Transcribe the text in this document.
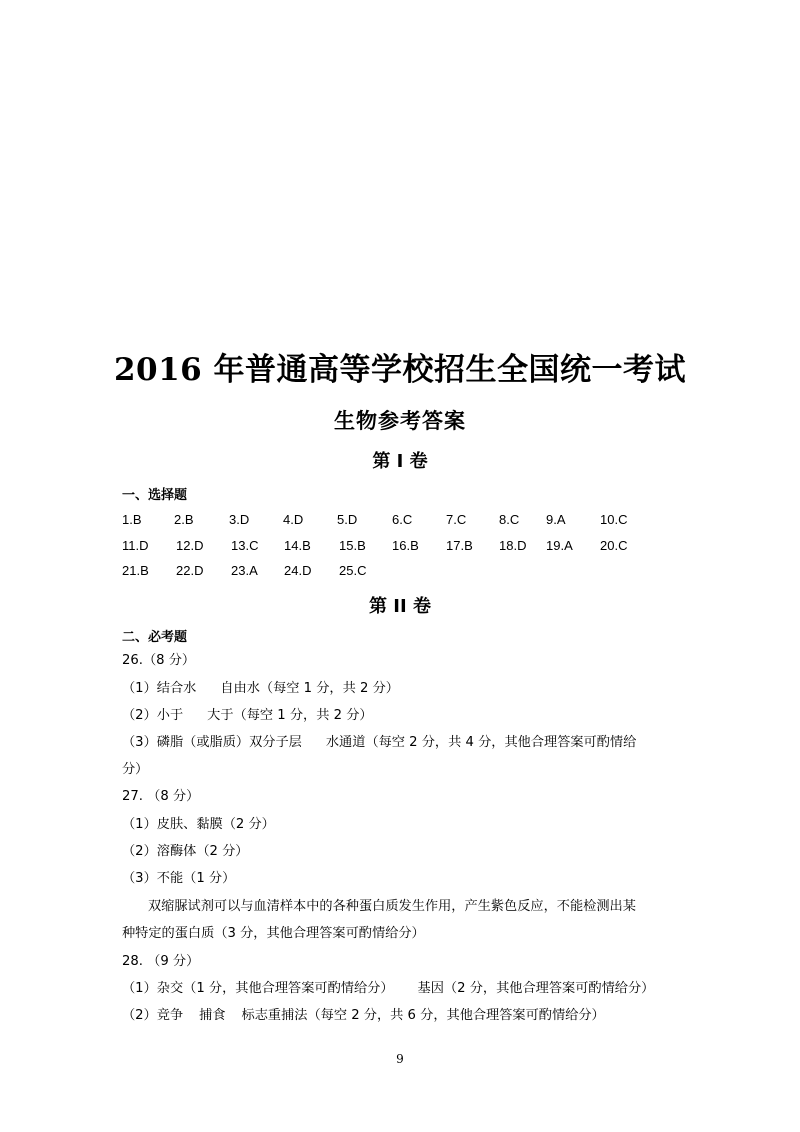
2016 年普通高等学校招生全国统一考试
生物参考答案
第 I 卷
一、选择题
1.B 2.B	3.D	4.D	5.D	6.C	7.C	8.C 9.A	10.C
11.D 12.D 13.C 14.B 15.B 16.B 17.B 18.D 19.A 20.C
21.B 22.D 23.A 24.D 25.C
第 II 卷
二、必考题
26.（8 分）
（1）结合水 自由水（每空 1 分，共 2 分）
（2）小于 大于（每空 1 分，共 2 分）
（3）磷脂（或脂质）双分子层 水通道（每空 2 分，共 4 分，其他合理答案可酌情给
分）
27. （8 分）
（1）皮肤、黏膜（2 分）
（2）溶酶体（2 分）
（3）不能（1 分）
双缩脲试剂可以与血清样本中的各种蛋白质发生作用，产生紫色反应，不能检测出某
种特定的蛋白质（3 分，其他合理答案可酌情给分）
28. （9 分）
（1）杂交（1 分，其他合理答案可酌情给分） 基因（2 分，其他合理答案可酌情给分）
（2）竞争 捕食 标志重捕法（每空 2 分，共 6 分，其他合理答案可酌情给分）
9
